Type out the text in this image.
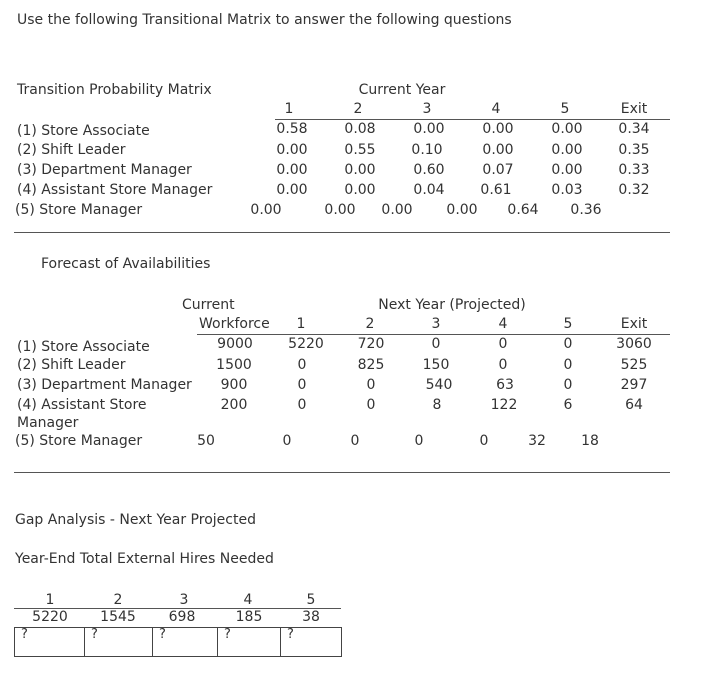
Use the following Transitional Matrix to answer the following questions
Transition Probability Matrix	Current Year
1	2	3	4	5	Exit
(1) Store Associate	0.58	0.08	0.00	0.00	0.00	0.34
(2) Shift Leader	0.00	0.55	0.10	0.00	0.00	0.35
(3) Department Manager	0.00	0.00	0.60	0.07	0.00	0.33
(4) Assistant Store Manager	0.00	0.00	0.04	0.61	0.03	0.32
(5) Store Manager	0.00	0.00 0.00 0.00 0.64 0.36
Forecast of Availabilities
Current	Next Year (Projected)
Workforce 1	2	3	4	5	Exit
(1) Store Associate	9000	5220 720	0	0	0	3060
(2) Shift Leader	1500	0	825	150	0	0	525
(3) Department Manager 900	0	0	540	63	0	297
(4) Assistant Store
Manager
200	0	0	8	122	6	64
(5) Store Manager	50	0	0	0	0	32	18
Gap Analysis - Next Year Projected
Year-End Total External Hires Needed
1	2	3	4	5
5220 1545 698	185	38
?	?	?	?	?
